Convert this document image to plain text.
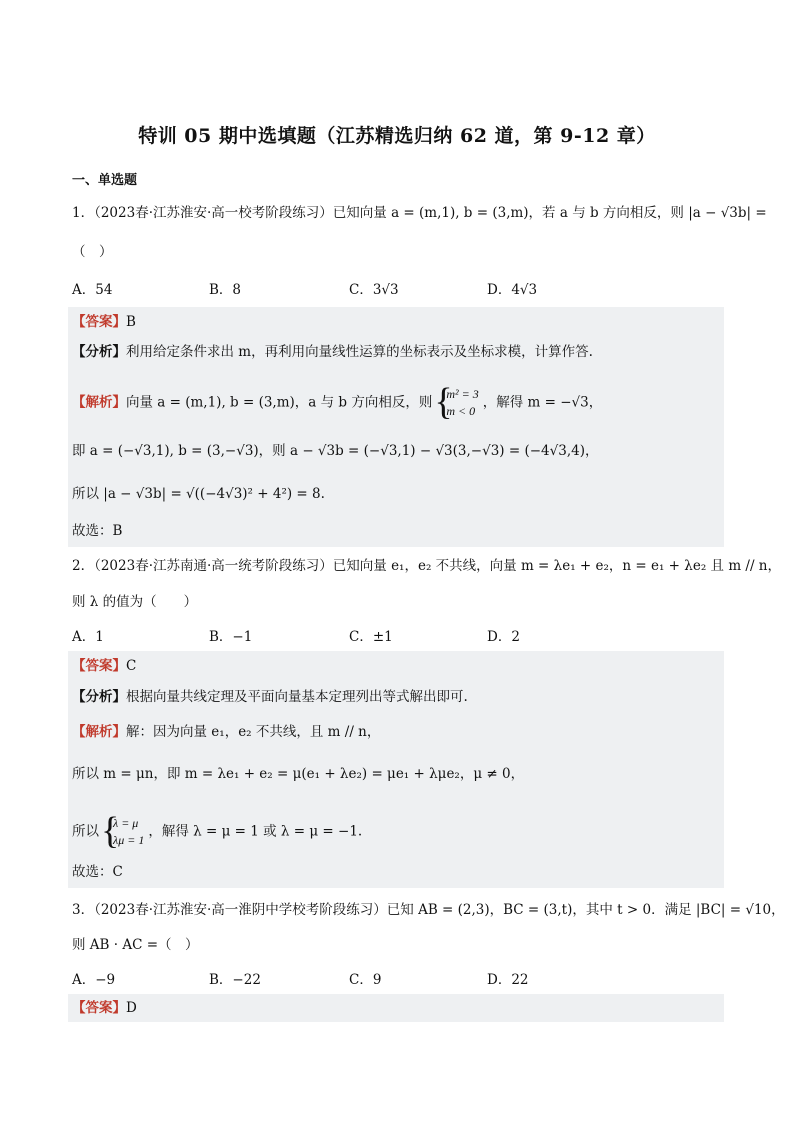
特训 05 期中选填题（江苏精选归纳 62 道，第 9-12 章）
一、单选题
1．（2023春·江苏淮安·高一校考阶段练习）已知向量 a = (m,1), b = (3,m)，若 a 与 b 方向相反，则 |a − √3b| =
（　）
A．54	B．8	C．3√3	D．4√3
【答案】B
【分析】利用给定条件求出 m，再利用向量线性运算的坐标表示及坐标求模，计算作答.
【解析】向量 a = (m,1), b = (3,m)，a 与 b 方向相反，则
{ m² = 3
m < 0
，解得 m = −√3，
即 a = (−√3,1), b = (3,−√3)，则 a − √3b = (−√3,1) − √3(3,−√3) = (−4√3,4)，
所以 |a − √3b| = √((−4√3)² + 4²) = 8.
故选：B
2．（2023春·江苏南通·高一统考阶段练习）已知向量 e₁，e₂ 不共线，向量 m = λe₁ + e₂，n = e₁ + λe₂ 且 m // n，
则 λ 的值为（　　）
A．1	B．−1	C．±1	D．2
【答案】C
【分析】根据向量共线定理及平面向量基本定理列出等式解出即可.
【解析】解：因为向量 e₁，e₂ 不共线，且 m // n，
所以 m = μn，即 m = λe₁ + e₂ = μ(e₁ + λe₂) = μe₁ + λμe₂，μ ≠ 0，
所以
{ λ = μ
λμ = 1
，解得 λ = μ = 1 或 λ = μ = −1.
故选：C
3．（2023春·江苏淮安·高一淮阴中学校考阶段练习）已知 AB = (2,3)，BC = (3,t)，其中 t > 0．满足 |BC| = √10，
则 AB · AC =（　）
A．−9	B．−22	C．9	D．22
【答案】D
